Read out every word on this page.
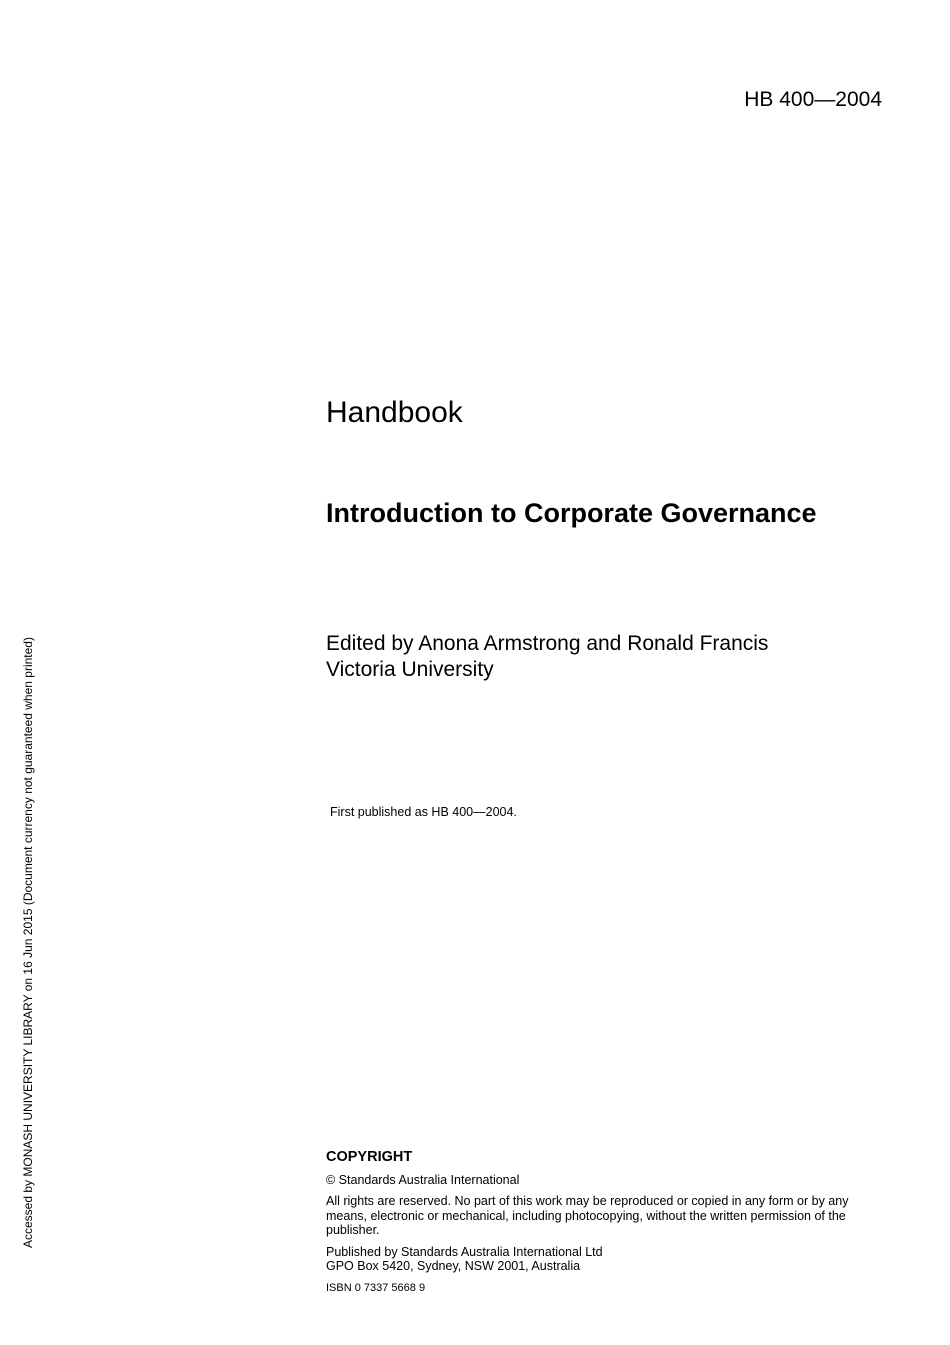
HB 400—2004
Handbook
Introduction to Corporate Governance
Edited by Anona Armstrong and Ronald Francis
Victoria University
First published as HB 400—2004.
COPYRIGHT

© Standards Australia International

All rights are reserved. No part of this work may be reproduced or copied in any form or by any means, electronic or mechanical, including photocopying, without the written permission of the publisher.

Published by Standards Australia International Ltd
GPO Box 5420, Sydney, NSW 2001, Australia

ISBN 0 7337 5668 9
Accessed by MONASH UNIVERSITY LIBRARY on 16 Jun 2015 (Document currency not guaranteed when printed)
